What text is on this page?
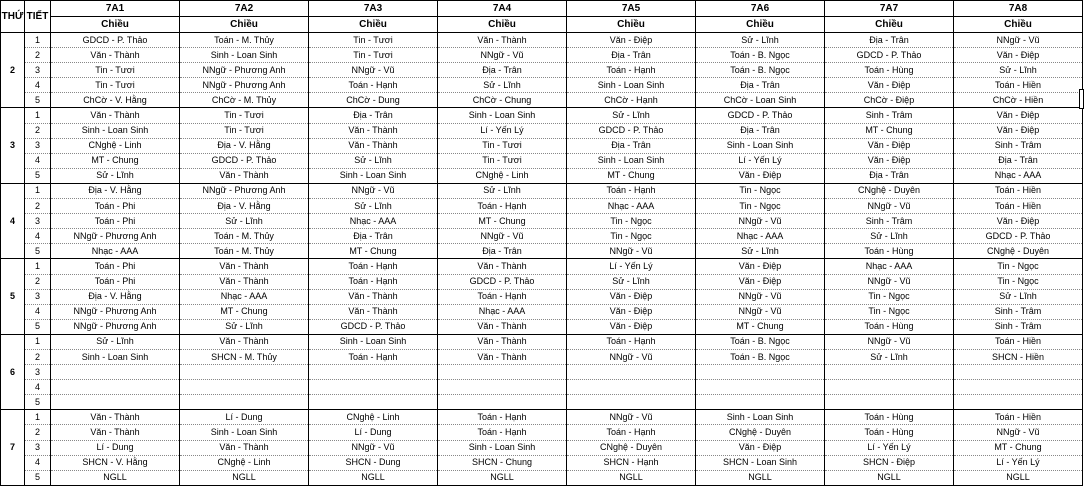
THỨ	TIẾT	7A1	7A2	7A3	7A4	7A5	7A6	7A7	7A8
		Chiều	Chiều	Chiều	Chiều	Chiều	Chiều	Chiều	Chiều
2	1	GDCD - P. Thảo	Toán - M. Thủy	Tin - Tươi	Văn - Thành	Văn - Điệp	Sử - Lĩnh	Địa - Trân	NNgữ - Vũ
	2	Văn - Thành	Sinh - Loan Sinh	Tin - Tươi	NNgữ - Vũ	Địa - Trân	Toán - B. Ngọc	GDCD - P. Thảo	Văn - Điệp
	3	Tin - Tươi	NNgữ - Phương Anh	NNgữ - Vũ	Địa - Trân	Toán - Hạnh	Toán - B. Ngọc	Toán - Hùng	Sử - Lĩnh
	4	Tin - Tươi	NNgữ - Phương Anh	Toán - Hạnh	Sử - Lĩnh	Sinh - Loan Sinh	Địa - Trân	Văn - Điệp	Toán - Hiền
	5	ChCờ - V. Hằng	ChCờ - M. Thủy	ChCờ - Dung	ChCờ - Chung	ChCờ - Hạnh	ChCờ - Loan Sinh	ChCờ - Điệp	ChCờ - Hiền
3	1	Văn - Thành	Tin - Tươi	Địa - Trân	Sinh - Loan Sinh	Sử - Lĩnh	GDCD - P. Thảo	Sinh - Trâm	Văn - Điệp
	2	Sinh - Loan Sinh	Tin - Tươi	Văn - Thành	Lí - Yến Lý	GDCD - P. Thảo	Địa - Trân	MT - Chung	Văn - Điệp
	3	CNghệ - Linh	Địa - V. Hằng	Văn - Thành	Tin - Tươi	Địa - Trân	Sinh - Loan Sinh	Văn - Điệp	Sinh - Trâm
	4	MT - Chung	GDCD - P. Thảo	Sử - Lĩnh	Tin - Tươi	Sinh - Loan Sinh	Lí - Yến Lý	Văn - Điệp	Địa - Trân
	5	Sử - Lĩnh	Văn - Thành	Sinh - Loan Sinh	CNghệ - Linh	MT - Chung	Văn - Điệp	Địa - Trân	Nhạc - AAA
4	1	Địa - V. Hằng	NNgữ - Phương Anh	NNgữ - Vũ	Sử - Lĩnh	Toán - Hạnh	Tin - Ngọc	CNghệ - Duyên	Toán - Hiền
	2	Toán - Phi	Địa - V. Hằng	Sử - Lĩnh	Toán - Hạnh	Nhạc - AAA	Tin - Ngọc	NNgữ - Vũ	Toán - Hiền
	3	Toán - Phi	Sử - Lĩnh	Nhạc - AAA	MT - Chung	Tin - Ngọc	NNgữ - Vũ	Sinh - Trâm	Văn - Điệp
	4	NNgữ - Phương Anh	Toán - M. Thủy	Địa - Trân	NNgữ - Vũ	Tin - Ngọc	Nhạc - AAA	Sử - Lĩnh	GDCD - P. Thảo
	5	Nhạc - AAA	Toán - M. Thủy	MT - Chung	Địa - Trân	NNgữ - Vũ	Sử - Lĩnh	Toán - Hùng	CNghệ - Duyên
5	1	Toán - Phi	Văn - Thành	Toán - Hạnh	Văn - Thành	Lí - Yến Lý	Văn - Điệp	Nhạc - AAA	Tin - Ngọc
	2	Toán - Phi	Văn - Thành	Toán - Hạnh	GDCD - P. Thảo	Sử - Lĩnh	Văn - Điệp	NNgữ - Vũ	Tin - Ngọc
	3	Địa - V. Hằng	Nhạc - AAA	Văn - Thành	Toán - Hạnh	Văn - Điệp	NNgữ - Vũ	Tin - Ngọc	Sử - Lĩnh
	4	NNgữ - Phương Anh	MT - Chung	Văn - Thành	Nhạc - AAA	Văn - Điệp	NNgữ - Vũ	Tin - Ngọc	Sinh - Trâm
	5	NNgữ - Phương Anh	Sử - Lĩnh	GDCD - P. Thảo	Văn - Thành	Văn - Điệp	MT - Chung	Toán - Hùng	Sinh - Trâm
6	1	Sử - Lĩnh	Văn - Thành	Sinh - Loan Sinh	Văn - Thành	Toán - Hạnh	Toán - B. Ngọc	NNgữ - Vũ	Toán - Hiền
	2	Sinh - Loan Sinh	SHCN - M. Thủy	Toán - Hạnh	Văn - Thành	NNgữ - Vũ	Toán - B. Ngọc	Sử - Lĩnh	SHCN - Hiền
	3								
	4								
	5								
7	1	Văn - Thành	Lí - Dung	CNghệ - Linh	Toán - Hạnh	NNgữ - Vũ	Sinh - Loan Sinh	Toán - Hùng	Toán - Hiền
	2	Văn - Thành	Sinh - Loan Sinh	Lí - Dung	Toán - Hạnh	Toán - Hạnh	CNghệ - Duyên	Toán - Hùng	NNgữ - Vũ
	3	Lí - Dung	Văn - Thành	NNgữ - Vũ	Sinh - Loan Sinh	CNghệ - Duyên	Văn - Điệp	Lí - Yến Lý	MT - Chung
	4	SHCN - V. Hằng	CNghệ - Linh	SHCN - Dung	SHCN - Chung	SHCN - Hạnh	SHCN - Loan Sinh	SHCN - Điệp	Lí - Yến Lý
	5	NGLL	NGLL	NGLL	NGLL	NGLL	NGLL	NGLL	NGLL
